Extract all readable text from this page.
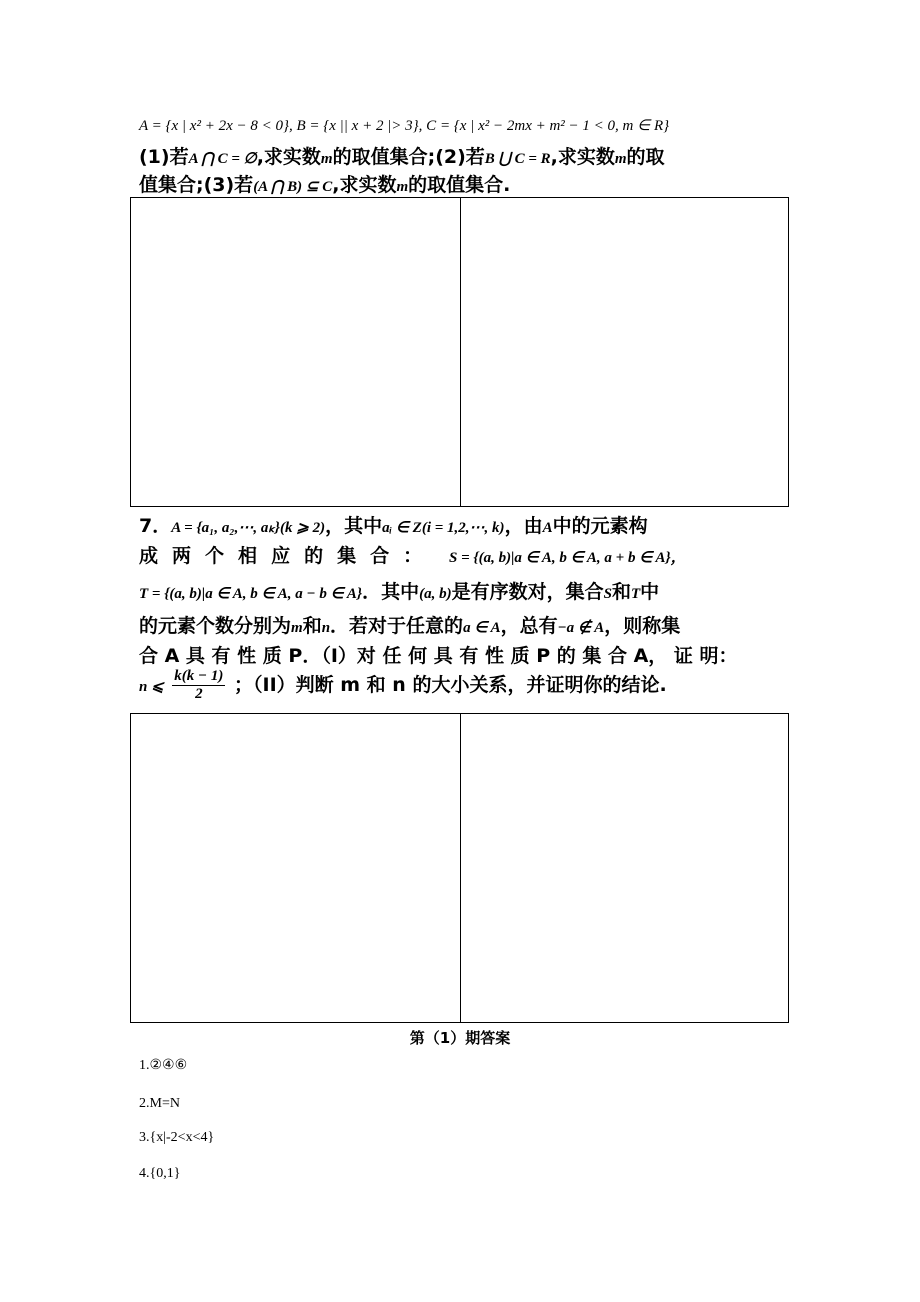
A = {x | x² + 2x − 8 < 0}, B = {x || x + 2 |> 3}, C = {x | x² − 2mx + m² − 1 < 0, m ∈ R}
(1)若A ⋂ C = ∅,求实数m的取值集合;(2)若B ⋃ C = R,求实数m的取
值集合;(3)若(A ⋂ B) ⊆ C,求实数m的取值集合.
7．A = {a₁, a₂,⋯, aₖ}(k ⩾ 2)，其中aᵢ ∈ Z(i = 1,2,⋯, k)，由A中的元素构
成两个相应的集合： S = {(a, b)|a ∈ A, b ∈ A, a + b ∈ A}，
T = {(a, b)|a ∈ A, b ∈ A, a − b ∈ A}．其中(a, b)是有序数对，集合S和T中
的元素个数分别为m和n．若对于任意的a ∈ A，总有−a ∉ A，则称集
合 A 具 有 性 质 P．（I）对 任 何 具 有 性 质 P 的 集 合 A， 证 明：
n ⩽ $\frac{k(k - 1)}{2}$ ；（II）判断 m 和 n 的大小关系，并证明你的结论.
第（1）期答案
1.②④⑥
2.M=N
3.{x|-2<x<4}
4.{0,1}
